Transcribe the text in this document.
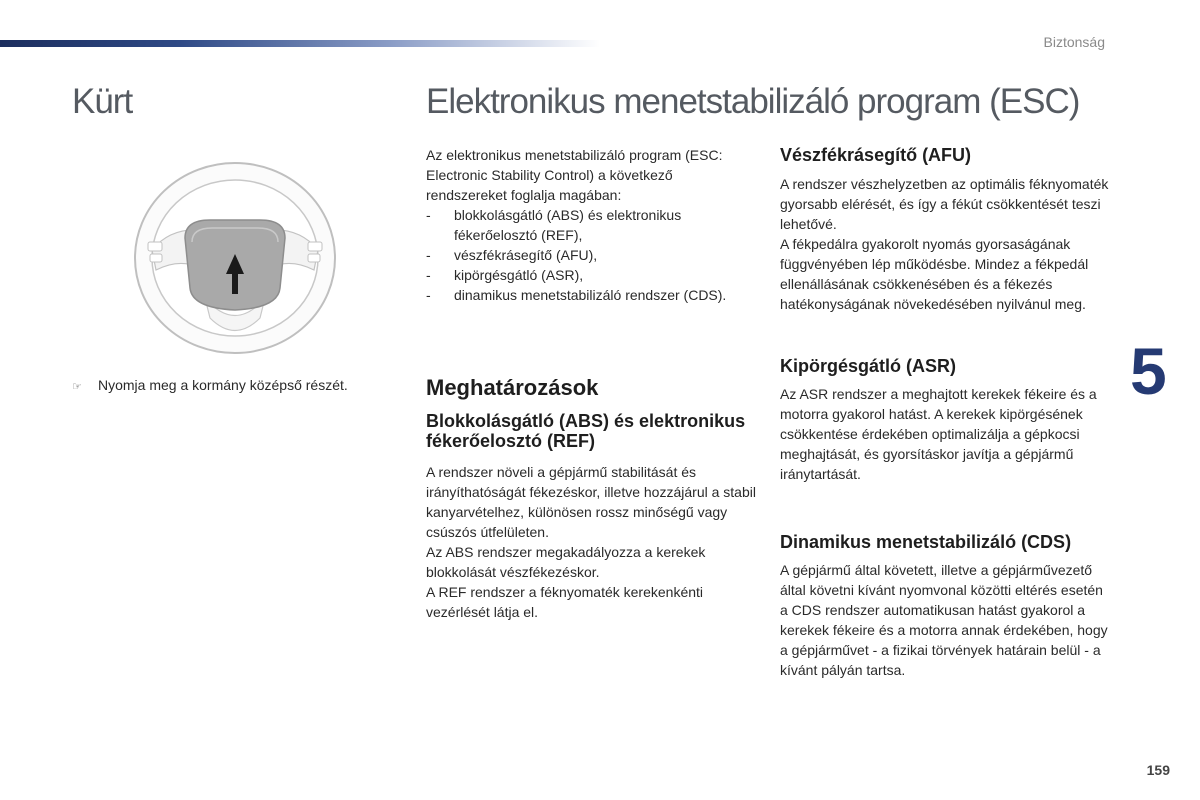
Biztonság
Kürt	Elektronikus menetstabilizáló program (ESC)
☞ Nyomja meg a kormány középső részét.

Az elektronikus menetstabilizáló program (ESC: Electronic Stability Control) a következő rendszereket foglalja magában:

- blokkolásgátló (ABS) és elektronikus fékerőelosztó (REF),
- vészfékrásegítő (AFU),
- kipörgésgátló (ASR),
- dinamikus menetstabilizáló rendszer (CDS).
Meghatározások
Blokkolásgátló (ABS) és elektronikus fékerőelosztó (REF)

A rendszer növeli a gépjármű stabilitását és irányíthatóságát fékezéskor, illetve hozzájárul a stabil kanyarvételhez, különösen rossz minőségű vagy csúszós útfelületen.

Az ABS rendszer megakadályozza a kerekek blokkolását vészfékezéskor.

A REF rendszer a féknyomaték kerekenkénti vezérlését látja el.

Vészfékrásegítő (AFU)

A rendszer vészhelyzetben az optimális féknyomaték gyorsabb elérését, és így a fékút csökkentését teszi lehetővé.

A fékpedálra gyakorolt nyomás gyorsaságának függvényében lép működésbe. Mindez a fékpedál ellenállásának csökkenésében és a fékezés hatékonyságának növekedésében nyilvánul meg.

Kipörgésgátló (ASR)

Az ASR rendszer a meghajtott kerekek fékeire és a motorra gyakorol hatást. A kerekek kipörgésének csökkentése érdekében optimalizálja a gépkocsi meghajtását, és gyorsításkor javítja a gépjármű iránytartását.

Dinamikus menetstabilizáló (CDS)

A gépjármű által követett, illetve a gépjárművezető által követni kívánt nyomvonal közötti eltérés esetén a CDS rendszer automatikusan hatást gyakorol a kerekek fékeire és a motorra annak érdekében, hogy a gépjárművet - a fizikai törvények határain belül - a kívánt pályán tartsa.

5
159
